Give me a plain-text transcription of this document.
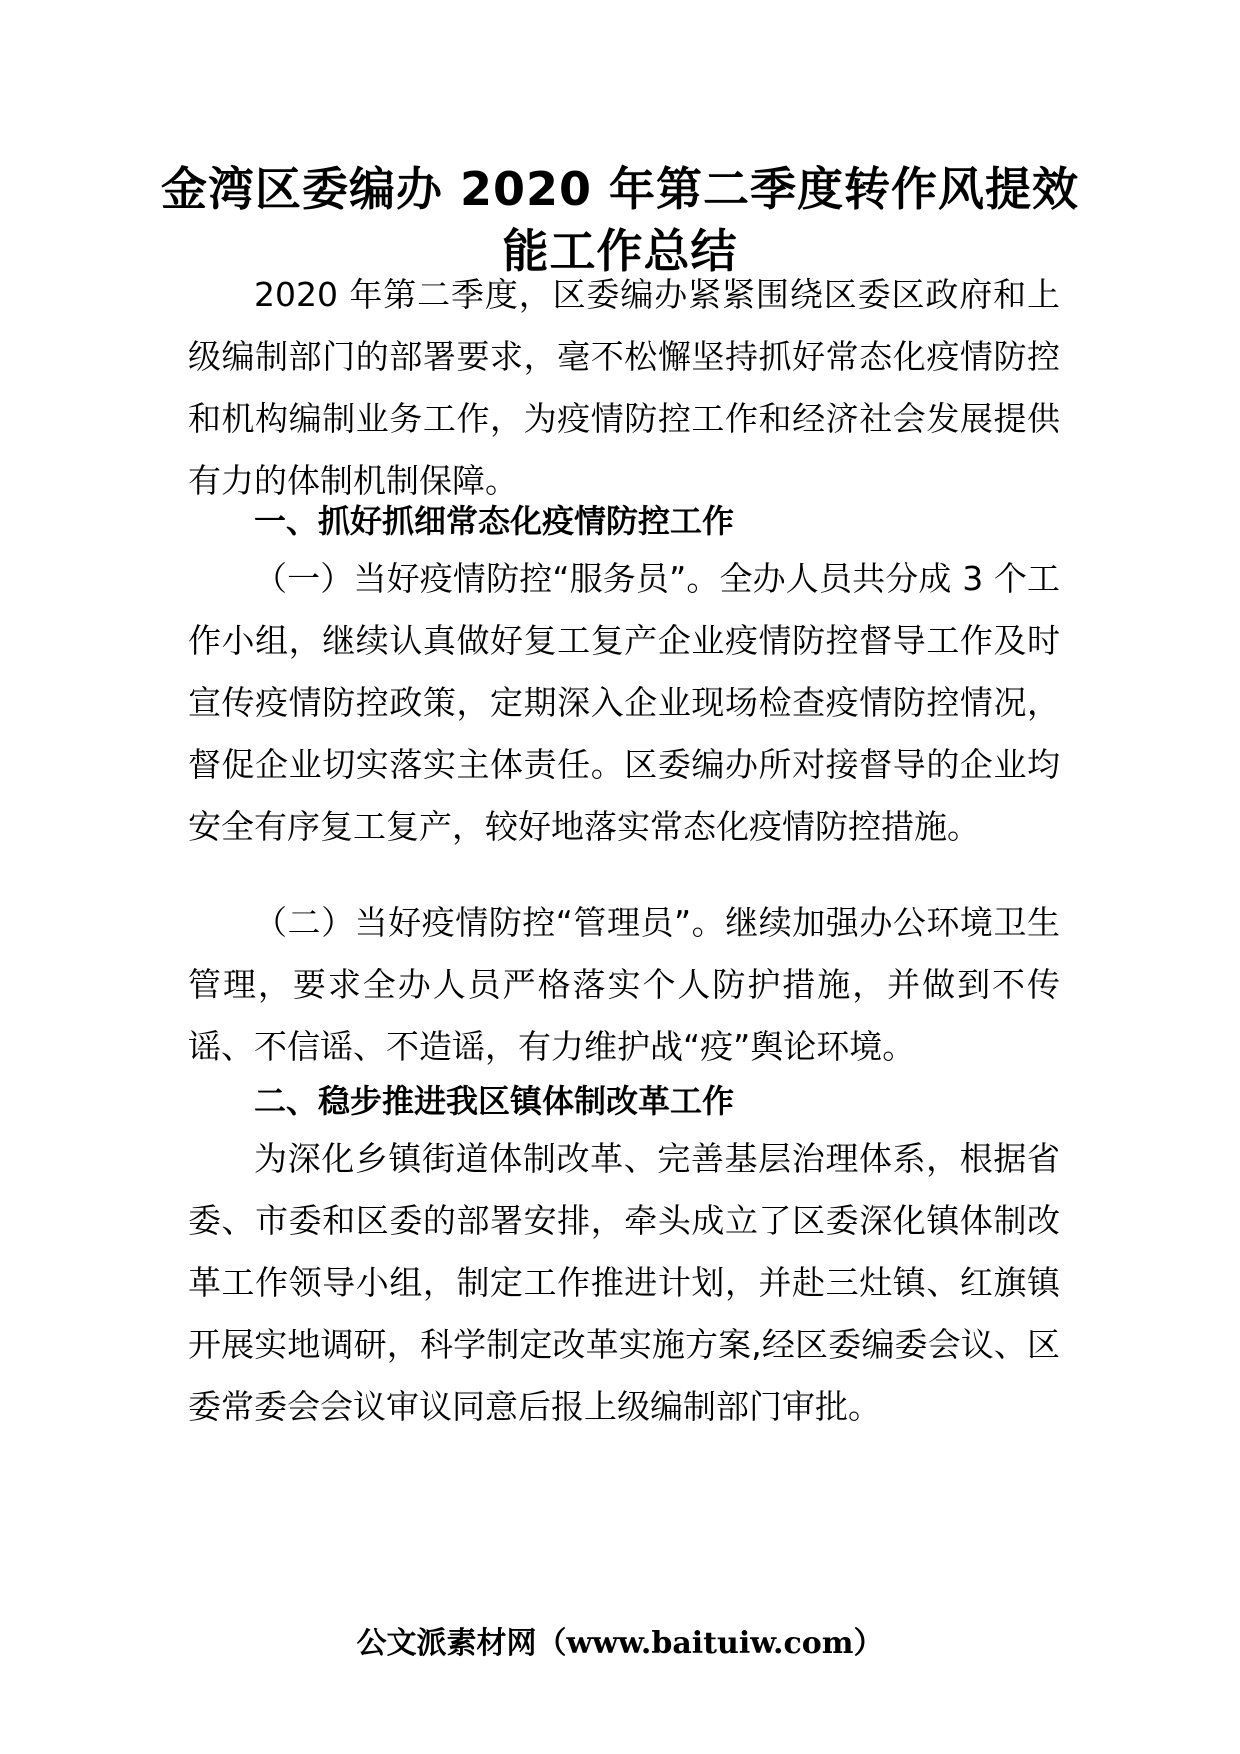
金湾区委编办 2020 年第二季度转作风提效
能工作总结

2020 年第二季度，区委编办紧紧围绕区委区政府和上级编制部门的部署要求，毫不松懈坚持抓好常态化疫情防控和机构编制业务工作，为疫情防控工作和经济社会发展提供有力的体制机制保障。

一、抓好抓细常态化疫情防控工作

（一）当好疫情防控“服务员”。全办人员共分成 3 个工作小组，继续认真做好复工复产企业疫情防控督导工作及时宣传疫情防控政策，定期深入企业现场检查疫情防控情况，督促企业切实落实主体责任。区委编办所对接督导的企业均安全有序复工复产，较好地落实常态化疫情防控措施。

（二）当好疫情防控“管理员”。继续加强办公环境卫生管理，要求全办人员严格落实个人防护措施，并做到不传谣、不信谣、不造谣，有力维护战“疫”舆论环境。

二、稳步推进我区镇体制改革工作

为深化乡镇街道体制改革、完善基层治理体系，根据省委、市委和区委的部署安排，牵头成立了区委深化镇体制改革工作领导小组，制定工作推进计划，并赴三灶镇、红旗镇开展实地调研，科学制定改革实施方案,经区委编委会议、区委常委会会议审议同意后报上级编制部门审批。

公文派素材网（www.baituiw.com）
